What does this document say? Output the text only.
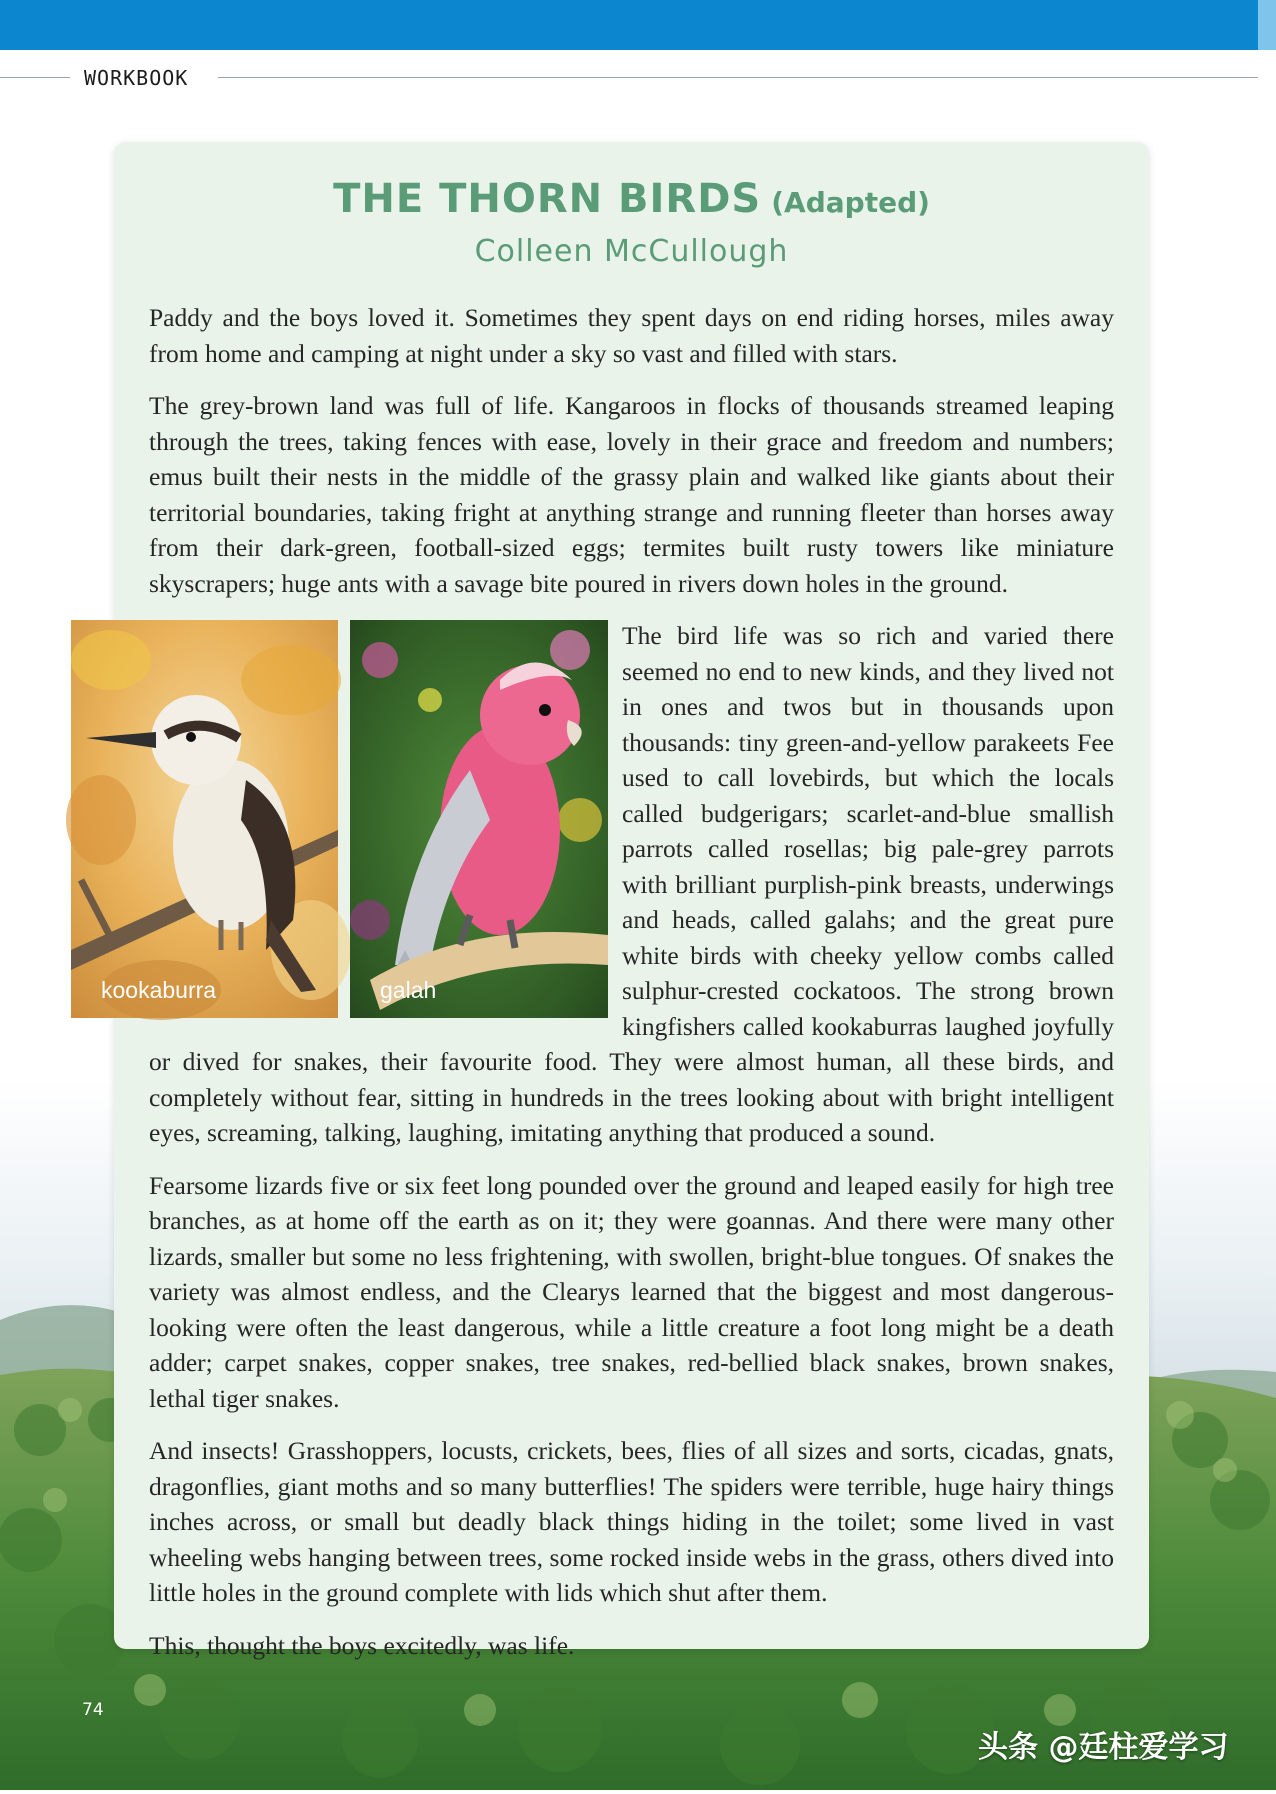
WORKBOOK
74
头条 @廷柱爱学习
THE THORN BIRDS (Adapted)
Colleen McCullough

Paddy and the boys loved it. Sometimes they spent days on end riding horses, miles away from home and camping at night under a sky so vast and filled with stars.

The grey-brown land was full of life. Kangaroos in flocks of thousands streamed leaping through the trees, taking fences with ease, lovely in their grace and freedom and numbers; emus built their nests in the middle of the grassy plain and walked like giants about their territorial boundaries, taking fright at anything strange and running fleeter than horses away from their dark-green, football-sized eggs; termites built rusty towers like miniature skyscrapers; huge ants with a savage bite poured in rivers down holes in the ground.

kookaburra	galah

The bird life was so rich and varied there seemed no end to new kinds, and they lived not in ones and twos but in thousands upon thousands: tiny green-and-yellow parakeets Fee used to call lovebirds, but which the locals called budgerigars; scarlet-and-blue smallish parrots called rosellas; big pale-grey parrots with brilliant purplish-pink breasts, underwings and heads, called galahs; and the great pure white birds with cheeky yellow combs called sulphur-crested cockatoos. The strong brown kingfishers called kookaburras laughed joyfully or dived for snakes, their favourite food. They were almost human, all these birds, and completely without fear, sitting in hundreds in the trees looking about with bright intelligent eyes, screaming, talking, laughing, imitating anything that produced a sound.

Fearsome lizards five or six feet long pounded over the ground and leaped easily for high tree branches, as at home off the earth as on it; they were goannas. And there were many other lizards, smaller but some no less frightening, with swollen, bright-blue tongues. Of snakes the variety was almost endless, and the Clearys learned that the biggest and most dangerous-looking were often the least dangerous, while a little creature a foot long might be a death adder; carpet snakes, copper snakes, tree snakes, red-bellied black snakes, brown snakes, lethal tiger snakes.

And insects! Grasshoppers, locusts, crickets, bees, flies of all sizes and sorts, cicadas, gnats, dragonflies, giant moths and so many butterflies! The spiders were terrible, huge hairy things inches across, or small but deadly black things hiding in the toilet; some lived in vast wheeling webs hanging between trees, some rocked inside webs in the grass, others dived into little holes in the ground complete with lids which shut after them.

This, thought the boys excitedly, was life.
